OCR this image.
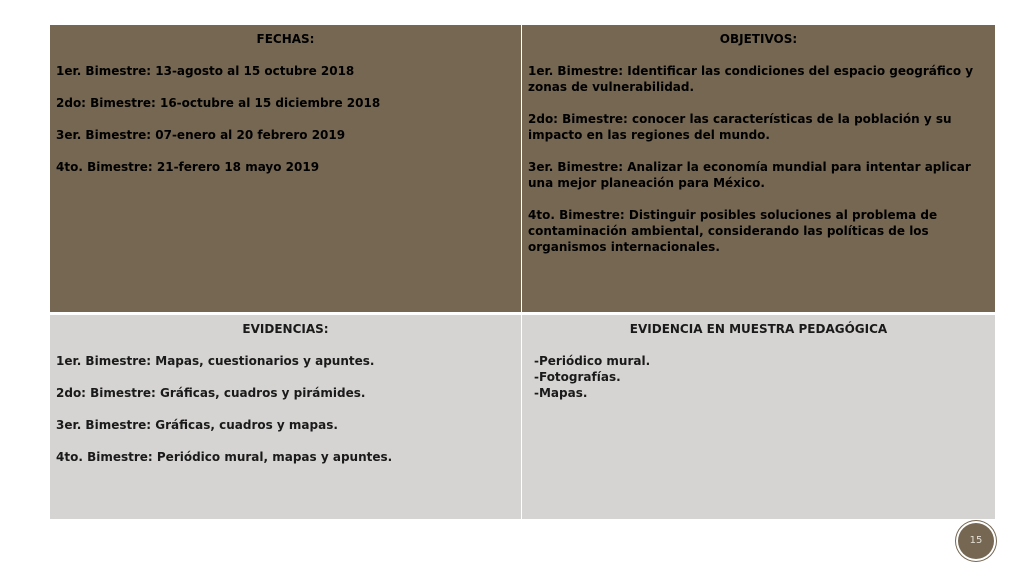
FECHAS:
1er. Bimestre: 13-agosto al 15 octubre 2018
2do: Bimestre: 16-octubre al 15 diciembre 2018
3er. Bimestre: 07-enero al 20 febrero 2019
4to. Bimestre: 21-ferero 18 mayo 2019
OBJETIVOS:
1er. Bimestre: Identificar las condiciones del espacio geográfico y zonas de vulnerabilidad.
2do: Bimestre: conocer las características de la población y su impacto en las regiones del mundo.
3er. Bimestre: Analizar la economía mundial para intentar aplicar una mejor planeación para México.
4to. Bimestre: Distinguir posibles soluciones al problema de contaminación ambiental, considerando las políticas de los organismos internacionales.
EVIDENCIAS:
1er. Bimestre: Mapas, cuestionarios y apuntes.
2do: Bimestre: Gráficas, cuadros y pirámides.
3er. Bimestre: Gráficas, cuadros y mapas.
4to. Bimestre: Periódico mural, mapas y apuntes.
EVIDENCIA EN MUESTRA PEDAGÓGICA
-Periódico mural.
-Fotografías.
-Mapas.
15
